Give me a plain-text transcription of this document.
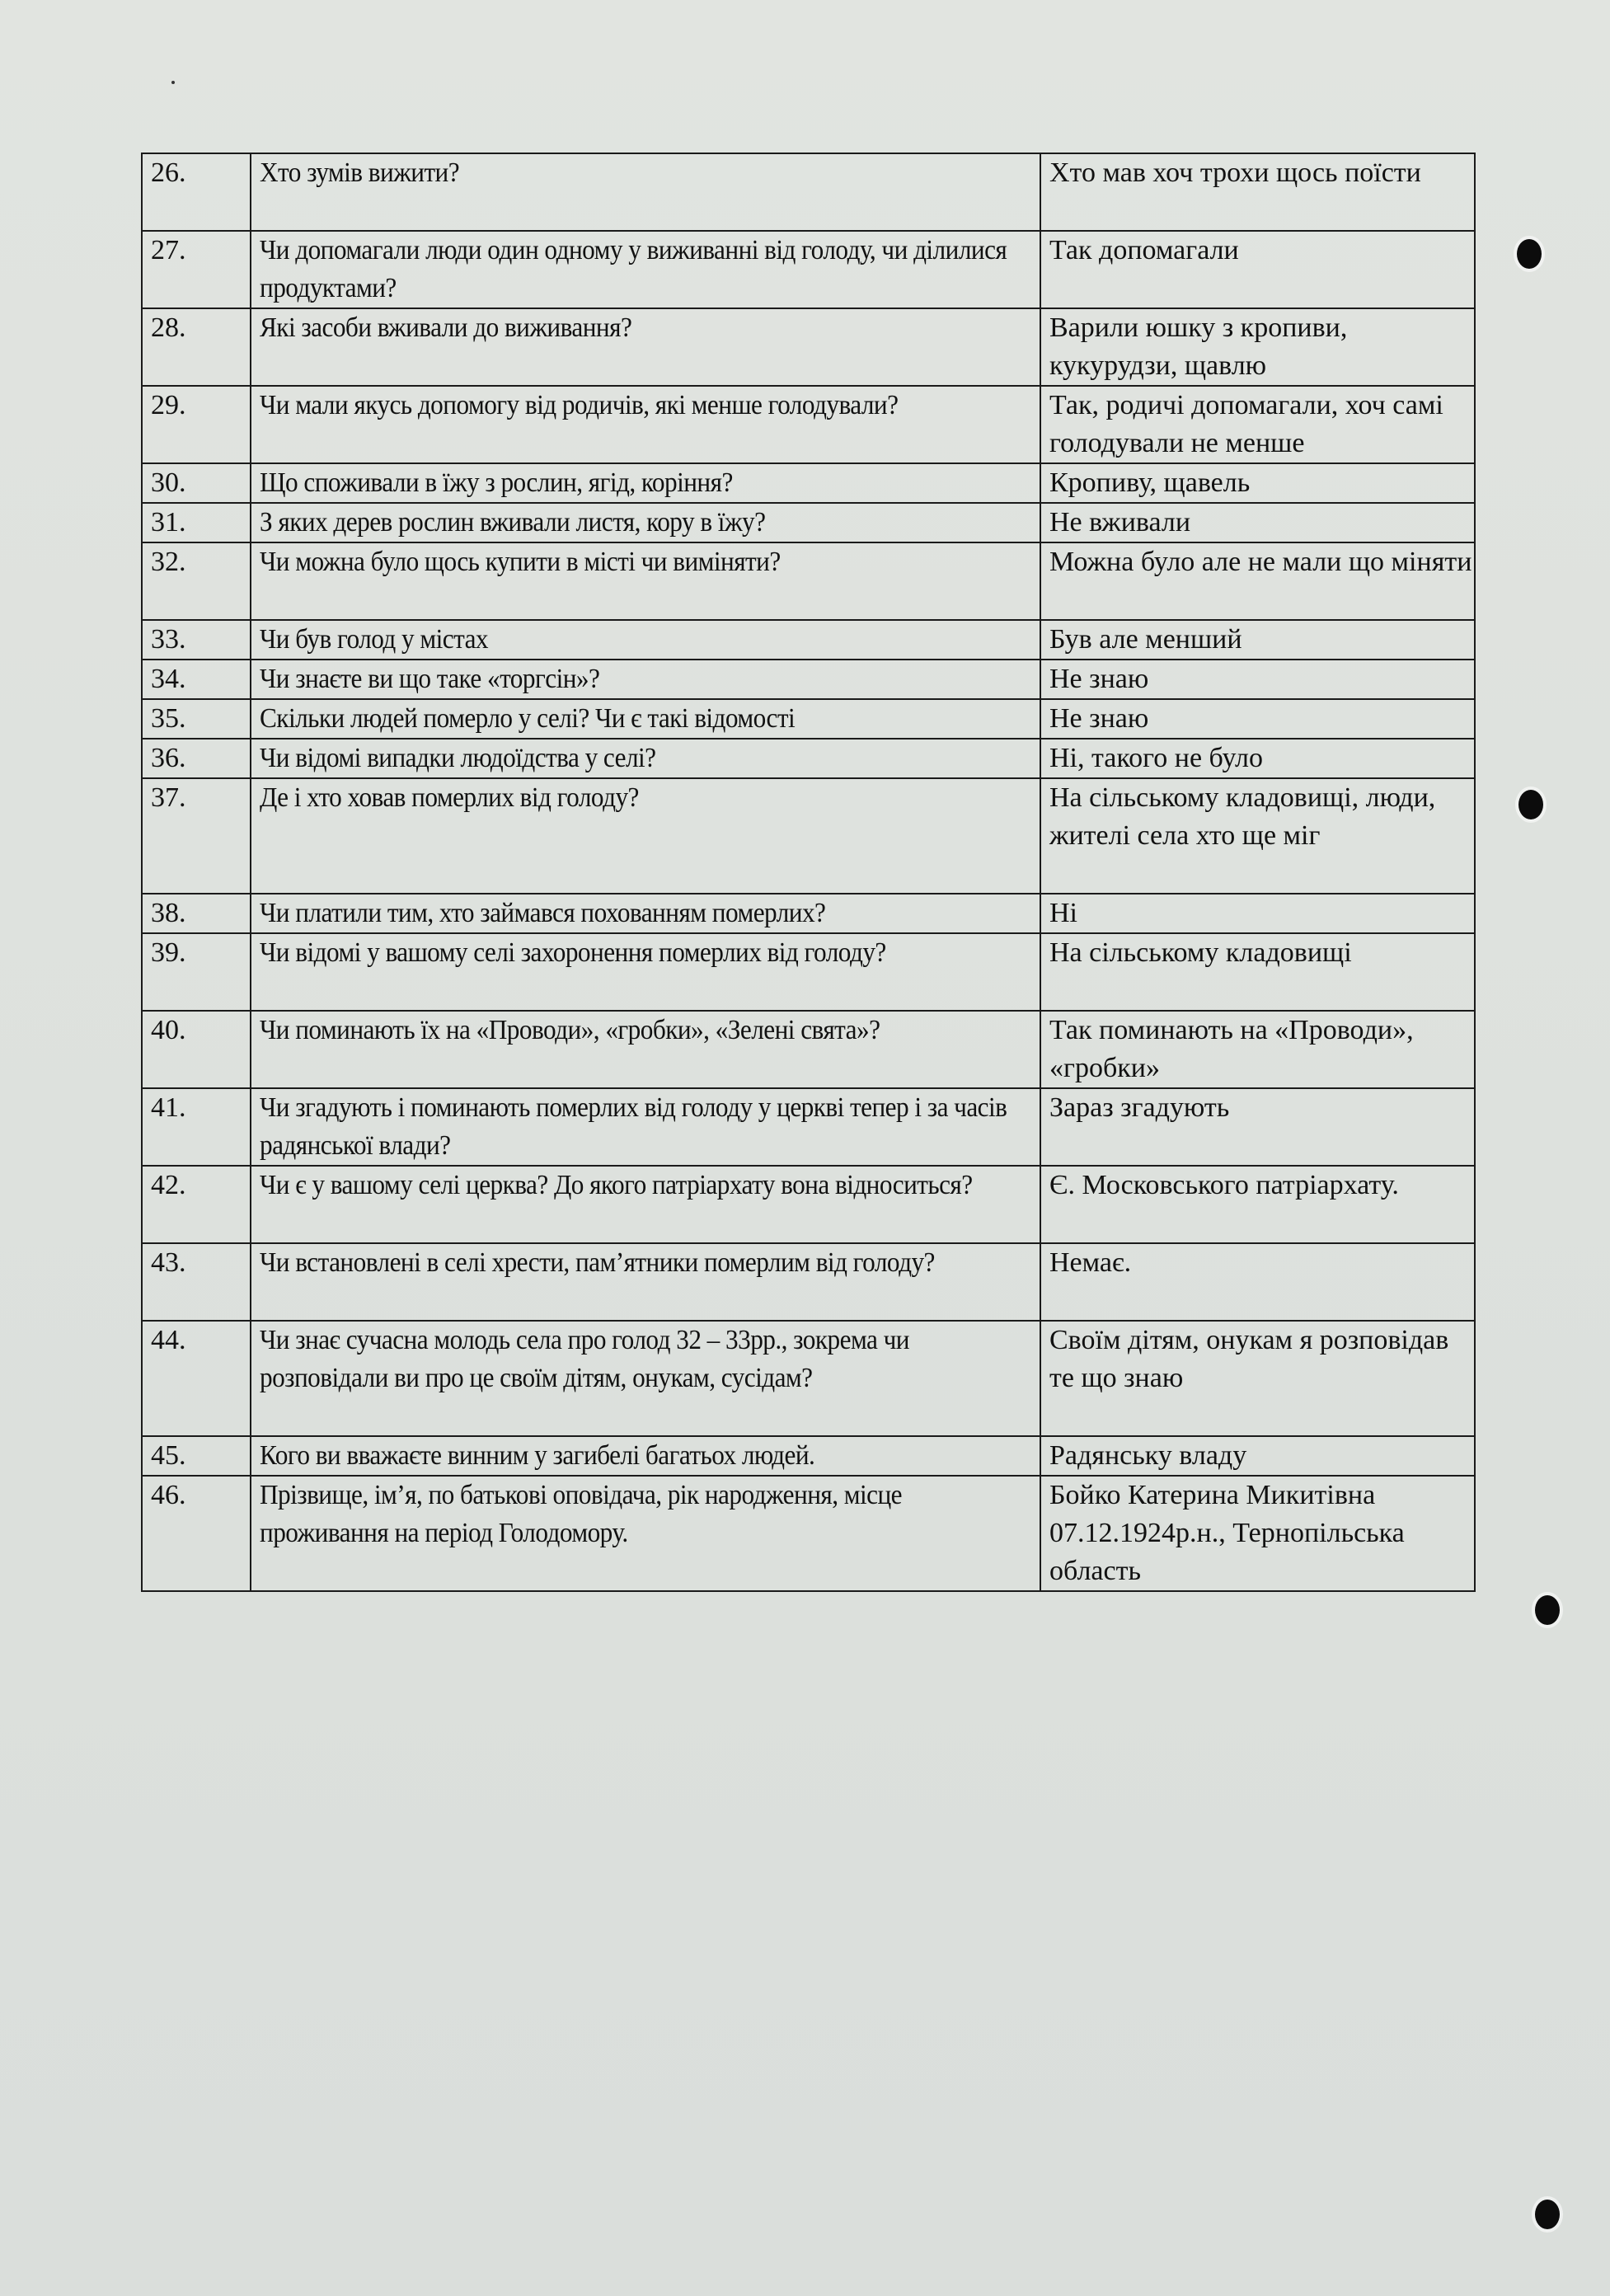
26.	Хто зумів вижити?	Хто мав хоч трохи щось поїсти
27.	Чи допомагали люди один одному у виживанні від голоду, чи ділилися продуктами?	Так допомагали
28.	Які засоби вживали до виживання?	Варили юшку з кропиви, кукурудзи, щавлю
29.	Чи мали якусь допомогу від родичів, які менше голодували?	Так, родичі допомагали, хоч самі голодували не менше
30.	Що споживали в їжу з рослин, ягід, коріння?	Кропиву, щавель
31.	З яких дерев рослин вживали листя, кору в їжу?	Не вживали
32.	Чи можна було щось купити в місті чи виміняти?	Можна було але не мали що міняти
33.	Чи був голод у містах	Був але менший
34.	Чи знаєте ви що таке «торгсін»?	Не знаю
35.	Скільки людей померло у селі? Чи є такі відомості	Не знаю
36.	Чи відомі випадки людоїдства у селі?	Ні, такого не було
37.	Де і хто ховав померлих від голоду?	На сільському кладовищі, люди, жителі села хто ще міг
38.	Чи платили тим, хто займався похованням померлих?	Ні
39.	Чи відомі у вашому селі захоронення померлих від голоду?	На сільському кладовищі
40.	Чи поминають їх на «Проводи», «гробки», «Зелені свята»?	Так поминають на «Проводи», «гробки»
41.	Чи згадують і поминають померлих від голоду у церкві тепер і за часів радянської влади?	Зараз згадують
42.	Чи є у вашому селі церква? До якого патріархату вона відноситься?	Є. Московського патріархату.
43.	Чи встановлені в селі хрести, пам’ятники померлим від голоду?	Немає.
44.	Чи знає сучасна молодь села про голод 32 – 33рр., зокрема чи розповідали ви про це своїм дітям, онукам, сусідам?	Своїм дітям, онукам я розповідав те що знаю
45.	Кого ви вважаєте винним у загибелі багатьох людей.	Радянську владу
46.	Прізвище, ім’я, по батькові оповідача, рік народження, місце проживання на період Голодомору.	Бойко Катерина Микитівна 07.12.1924р.н., Тернопільська область
